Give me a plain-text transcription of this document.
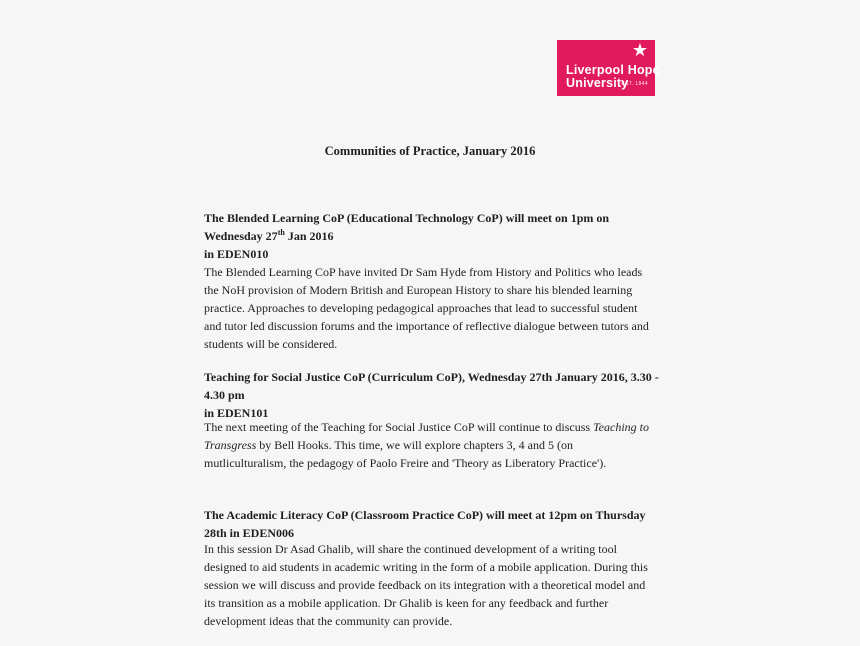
★
Liverpool Hope
University
EST. 1844
Communities of Practice, January 2016
The Blended Learning CoP (Educational Technology CoP) will meet on 1pm on Wednesday 27th Jan 2016
in EDEN010
The Blended Learning CoP have invited Dr Sam Hyde from History and Politics who leads the NoH provision of Modern British and European History to share his blended learning practice. Approaches to developing pedagogical approaches that lead to successful student and tutor led discussion forums and the importance of reflective dialogue between tutors and students will be considered.
Teaching for Social Justice CoP (Curriculum CoP), Wednesday 27th January 2016, 3.30 - 4.30 pm
in EDEN101
The next meeting of the Teaching for Social Justice CoP will continue to discuss Teaching to Transgress by Bell Hooks. This time, we will explore chapters 3, 4 and 5 (on mutliculturalism, the pedagogy of Paolo Freire and 'Theory as Liberatory Practice').
The Academic Literacy CoP (Classroom Practice CoP) will meet at 12pm on Thursday 28th in EDEN006
In this session Dr Asad Ghalib, will share the continued development of a writing tool designed to aid students in academic writing in the form of a mobile application. During this session we will discuss and provide feedback on its integration with a theoretical model and its transition as a mobile application. Dr Ghalib is keen for any feedback and further development ideas that the community can provide.
